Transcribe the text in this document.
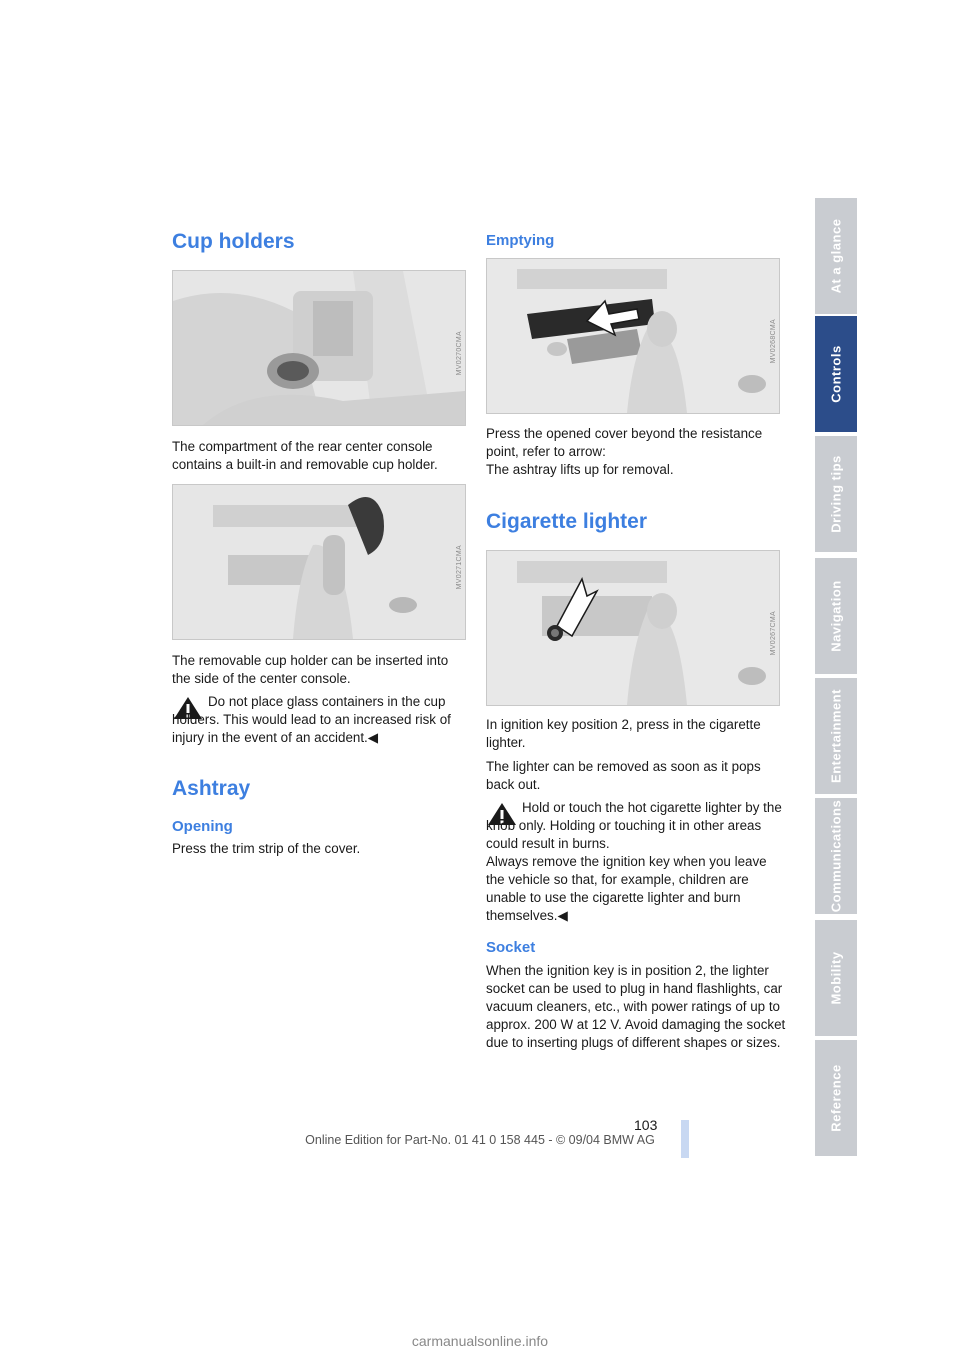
Cup holders
MV0270CMA

The compartment of the rear center console contains a built-in and removable cup holder.

MV0271CMA

The removable cup holder can be inserted into the side of the center console.

Do not place glass containers in the cup holders. This would lead to an increased risk of injury in the event of an accident.◀

Ashtray
Opening

Press the trim strip of the cover.

Emptying
MV0268CMA

Press the opened cover beyond the resistance point, refer to arrow:
The ashtray lifts up for removal.

Cigarette lighter
MV0267CMA

In ignition key position 2, press in the cigarette lighter.

The lighter can be removed as soon as it pops back out.

Hold or touch the hot cigarette lighter by the knob only. Holding or touching it in other areas could result in burns.
Always remove the ignition key when you leave the vehicle so that, for example, children are unable to use the cigarette lighter and burn themselves.◀

Socket

When the ignition key is in position 2, the lighter socket can be used to plug in hand flashlights, car vacuum cleaners, etc., with power ratings of up to approx. 200 W at 12 V. Avoid damaging the socket due to inserting plugs of different shapes or sizes.

At a glance
Controls
Driving tips
Navigation
Entertainment
Communications
Mobility
Reference
103
Online Edition for Part-No. 01 41 0 158 445 - © 09/04 BMW AG
carmanualsonline.info
